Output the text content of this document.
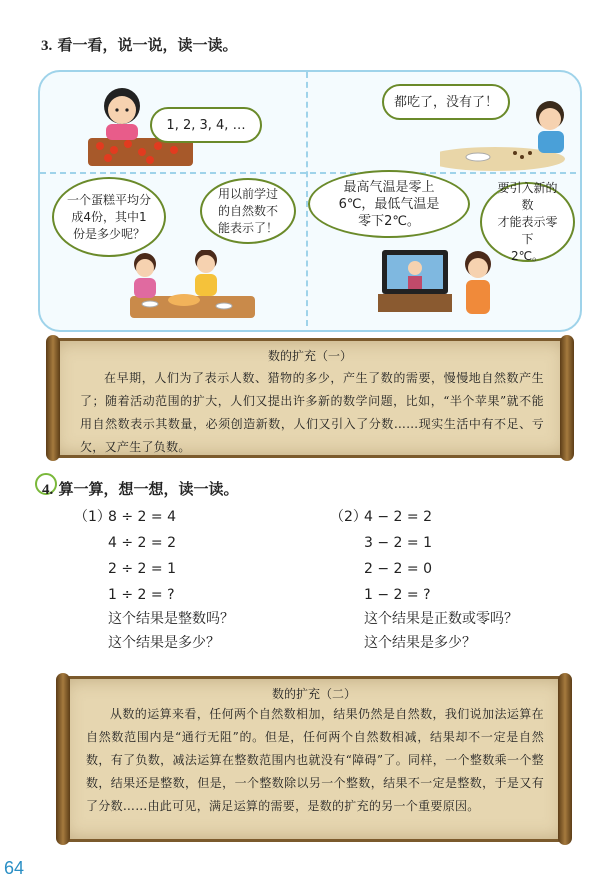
3. 看一看，说一说，读一读。
1, 2, 3, 4, …
都吃了，没有了！
一个蛋糕平均分
成4份，其中1
份是多少呢？
用以前学过
的自然数不
能表示了！
最高气温是零上
6℃，最低气温是
零下2℃。
要引入新的数
才能表示零下
2℃。
数的扩充（一）
在早期，人们为了表示人数、猎物的多少，产生了数的需要，慢慢地自然数产生了；随着活动范围的扩大，人们又提出许多新的数学问题，比如，“半个苹果”就不能用自然数表示其数量，必须创造新数，人们又引入了分数……现实生活中有不足、亏欠，又产生了负数。
4. 算一算，想一想，读一读。
（1）
8 ÷ 2 = 4
4 ÷ 2 = 2
2 ÷ 2 = 1
1 ÷ 2 = ?
这个结果是整数吗？
这个结果是多少？
（2）
4 − 2 = 2
3 − 2 = 1
2 − 2 = 0
1 − 2 = ?
这个结果是正数或零吗？
这个结果是多少？
数的扩充（二）
从数的运算来看，任何两个自然数相加，结果仍然是自然数，我们说加法运算在自然数范围内是“通行无阻”的。但是，任何两个自然数相减，结果却不一定是自然数，有了负数，减法运算在整数范围内也就没有“障碍”了。同样，一个整数乘一个整数，结果还是整数，但是，一个整数除以另一个整数，结果不一定是整数，于是又有了分数……由此可见，满足运算的需要，是数的扩充的另一个重要原因。
64
